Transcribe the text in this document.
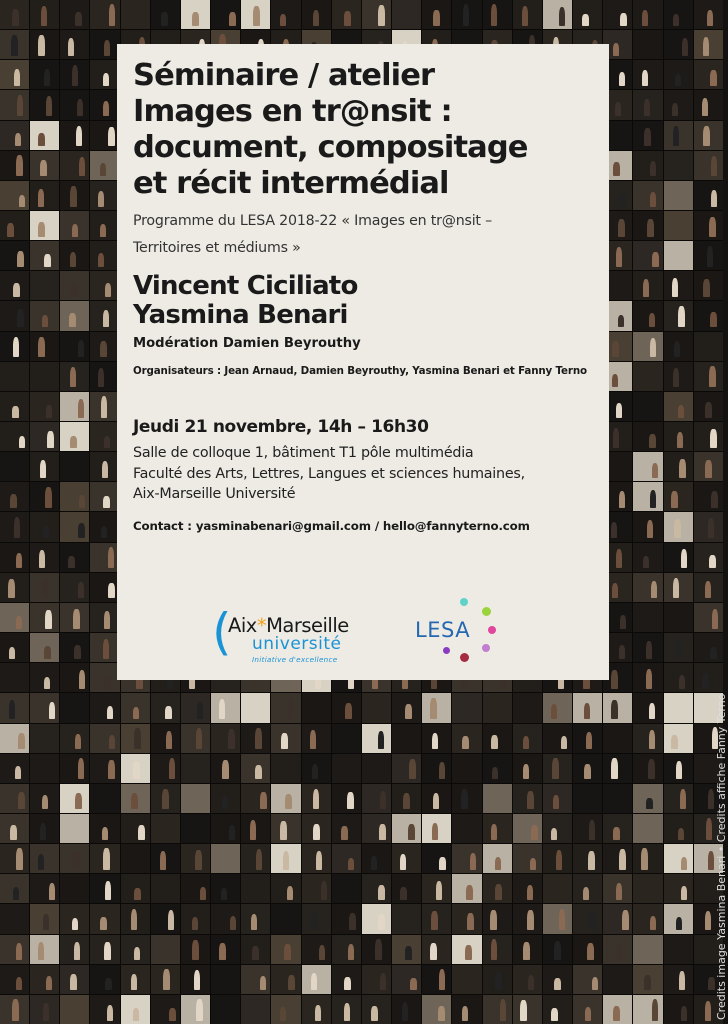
Séminaire / atelier
Images en tr@nsit :
document, compositage
et récit intermédial
Programme du LESA 2018-22 « Images en tr@nsit –
Territoires et médiums »
Vincent Ciciliato
Yasmina Benari
Modération Damien Beyrouthy
Organisateurs : Jean Arnaud, Damien Beyrouthy, Yasmina Benari et Fanny Terno
Jeudi 21 novembre, 14h – 16h30
Salle de colloque 1, bâtiment T1 pôle multimédia
Faculté des Arts, Lettres, Langues et sciences humaines,
Aix-Marseille Université
Contact : yasminabenari@gmail.com / hello@fannyterno.com
(
Aix*Marseille
université
Initiative d'excellence
LESA
Credits image Yasmina Benari • Credits affiche Fanny Terno
